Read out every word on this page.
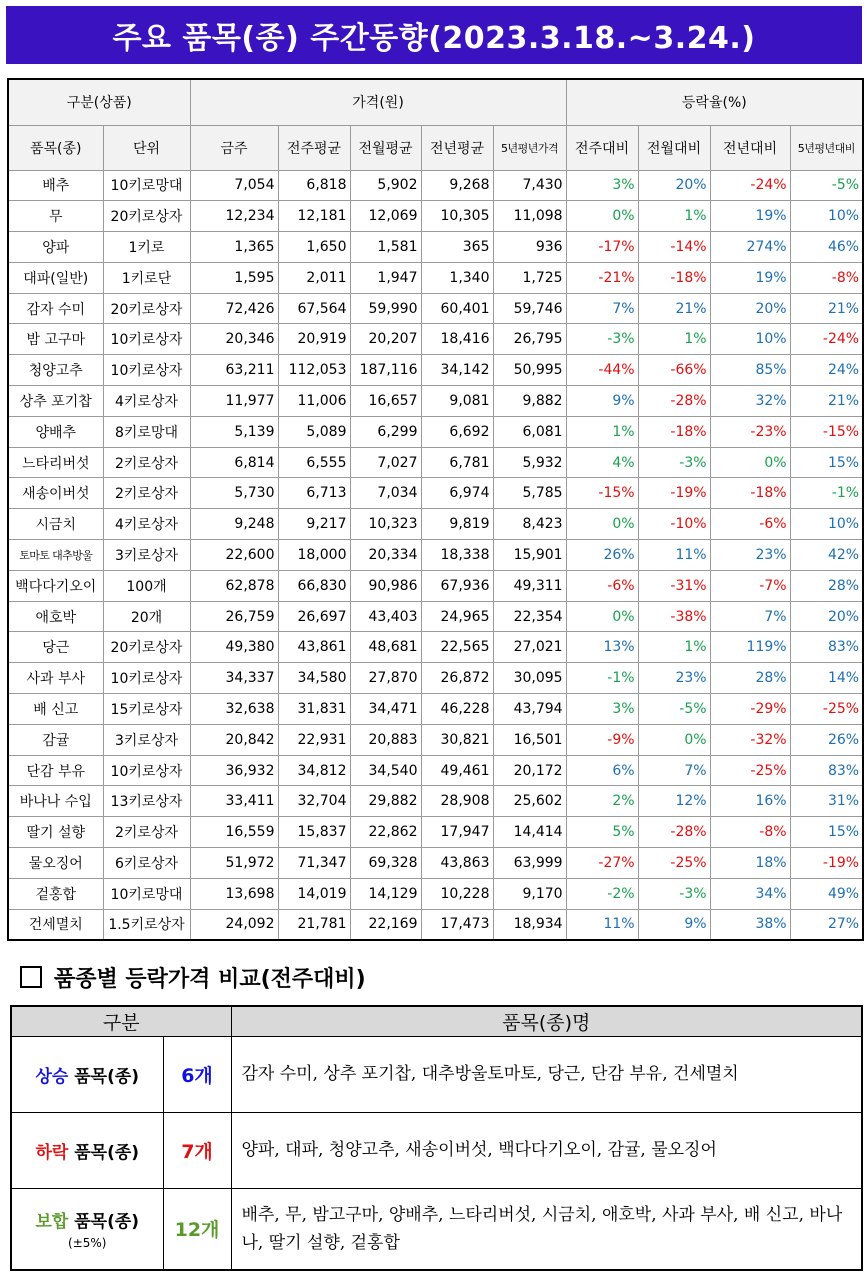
주요 품목(종) 주간동향(2023.3.18.~3.24.)
구분(상품)		가격(원)					등락율(%)			
품목(종)	단위	금주	전주평균	전월평균	전년평균	5년평년가격	전주대비	전월대비	전년대비	5년평년대비
배추	10키로망대	7,054	6,818	5,902	9,268	7,430	3%	20%	-24%	-5%
무	20키로상자	12,234	12,181	12,069	10,305	11,098	0%	1%	19%	10%
양파	1키로	1,365	1,650	1,581	365	936	-17%	-14%	274%	46%
대파(일반)	1키로단	1,595	2,011	1,947	1,340	1,725	-21%	-18%	19%	-8%
감자 수미	20키로상자	72,426	67,564	59,990	60,401	59,746	7%	21%	20%	21%
밤 고구마	10키로상자	20,346	20,919	20,207	18,416	26,795	-3%	1%	10%	-24%
청양고추	10키로상자	63,211	112,053	187,116	34,142	50,995	-44%	-66%	85%	24%
상추 포기찹	4키로상자	11,977	11,006	16,657	9,081	9,882	9%	-28%	32%	21%
양배추	8키로망대	5,139	5,089	6,299	6,692	6,081	1%	-18%	-23%	-15%
느타리버섯	2키로상자	6,814	6,555	7,027	6,781	5,932	4%	-3%	0%	15%
새송이버섯	2키로상자	5,730	6,713	7,034	6,974	5,785	-15%	-19%	-18%	-1%
시금치	4키로상자	9,248	9,217	10,323	9,819	8,423	0%	-10%	-6%	10%
토마토 대추방울	3키로상자	22,600	18,000	20,334	18,338	15,901	26%	11%	23%	42%
백다다기오이	100개	62,878	66,830	90,986	67,936	49,311	-6%	-31%	-7%	28%
애호박	20개	26,759	26,697	43,403	24,965	22,354	0%	-38%	7%	20%
당근	20키로상자	49,380	43,861	48,681	22,565	27,021	13%	1%	119%	83%
사과 부사	10키로상자	34,337	34,580	27,870	26,872	30,095	-1%	23%	28%	14%
배 신고	15키로상자	32,638	31,831	34,471	46,228	43,794	3%	-5%	-29%	-25%
감귤	3키로상자	20,842	22,931	20,883	30,821	16,501	-9%	0%	-32%	26%
단감 부유	10키로상자	36,932	34,812	34,540	49,461	20,172	6%	7%	-25%	83%
바나나 수입	13키로상자	33,411	32,704	29,882	28,908	25,602	2%	12%	16%	31%
딸기 설향	2키로상자	16,559	15,837	22,862	17,947	14,414	5%	-28%	-8%	15%
물오징어	6키로상자	51,972	71,347	69,328	43,863	63,999	-27%	-25%	18%	-19%
겉홍합	10키로망대	13,698	14,019	14,129	10,228	9,170	-2%	-3%	34%	49%
건세멸치	1.5키로상자	24,092	21,781	22,169	17,473	18,934	11%	9%	38%	27%
품종별 등락가격 비교(전주대비)
구분		품목(종)명
상승 품목(종)	6개	감자 수미, 상추 포기찹, 대추방울토마토, 당근, 단감 부유, 건세멸치
하락 품목(종)	7개	양파, 대파, 청양고추, 새송이버섯, 백다다기오이, 감귤, 물오징어
보합 품목(종)
(±5%)	12개	배추, 무, 밤고구마, 양배추, 느타리버섯, 시금치, 애호박, 사과 부사, 배 신고, 바나나, 딸기 설향, 겉홍합
